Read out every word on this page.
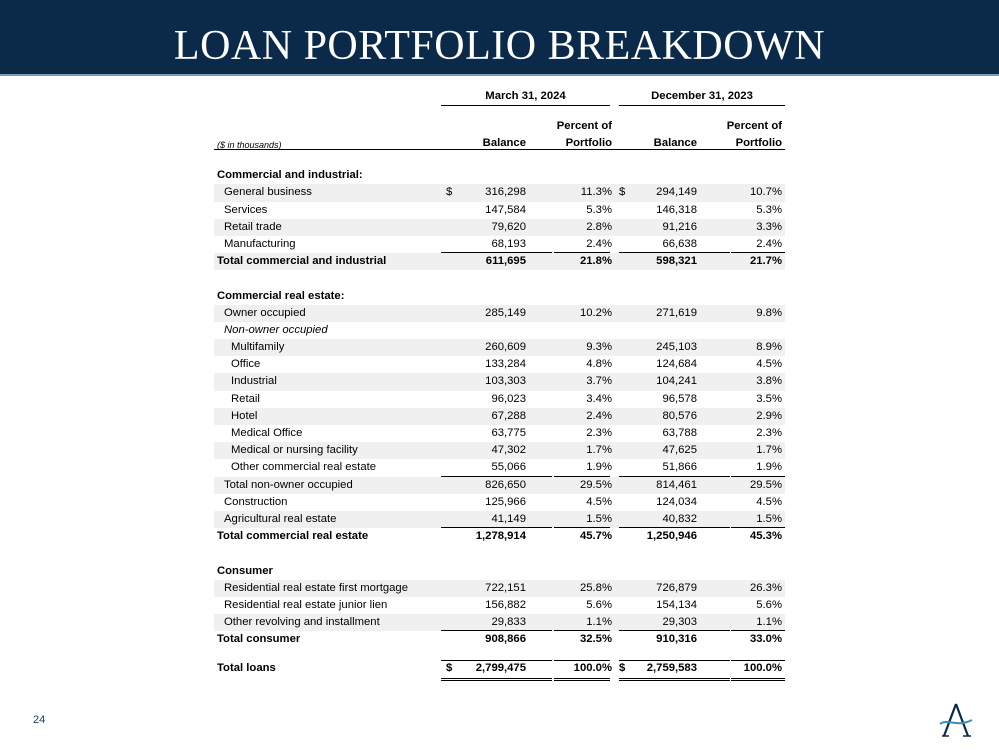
LOAN PORTFOLIO BREAKDOWN
March 31, 2024	December 31, 2023
Percent of	Percent of
($ in thousands)	Balance	Portfolio	Balance	Portfolio
Commercial and industrial:
$	$
General business	316,298	11.3%	294,149	10.7%
Services	147,584	5.3%	146,318	5.3%
Retail trade	79,620	2.8%	91,216	3.3%
Manufacturing	68,193	2.4%	66,638	2.4%
Total commercial and industrial	611,695	21.8%	598,321	21.7%
Commercial real estate:
Owner occupied	285,149	10.2%	271,619	9.8%
Non-owner occupied
Multifamily	260,609	9.3%	245,103	8.9%
Office	133,284	4.8%	124,684	4.5%
Industrial	103,303	3.7%	104,241	3.8%
Retail	96,023	3.4%	96,578	3.5%
Hotel	67,288	2.4%	80,576	2.9%
Medical Office	63,775	2.3%	63,788	2.3%
Medical or nursing facility	47,302	1.7%	47,625	1.7%
Other commercial real estate	55,066	1.9%	51,866	1.9%
Total non-owner occupied	826,650	29.5%	814,461	29.5%
Construction	125,966	4.5%	124,034	4.5%
Agricultural real estate	41,149	1.5%	40,832	1.5%
Total commercial real estate	1,278,914	45.7%	1,250,946	45.3%
Consumer
Residential real estate first mortgage	722,151	25.8%	726,879	26.3%
Residential real estate junior lien	156,882	5.6%	154,134	5.6%
Other revolving and installment	29,833	1.1%	29,303	1.1%
Total consumer	908,866	32.5%	910,316	33.0%
$	$
Total loans	2,799,475	100.0%	2,759,583	100.0%
24
